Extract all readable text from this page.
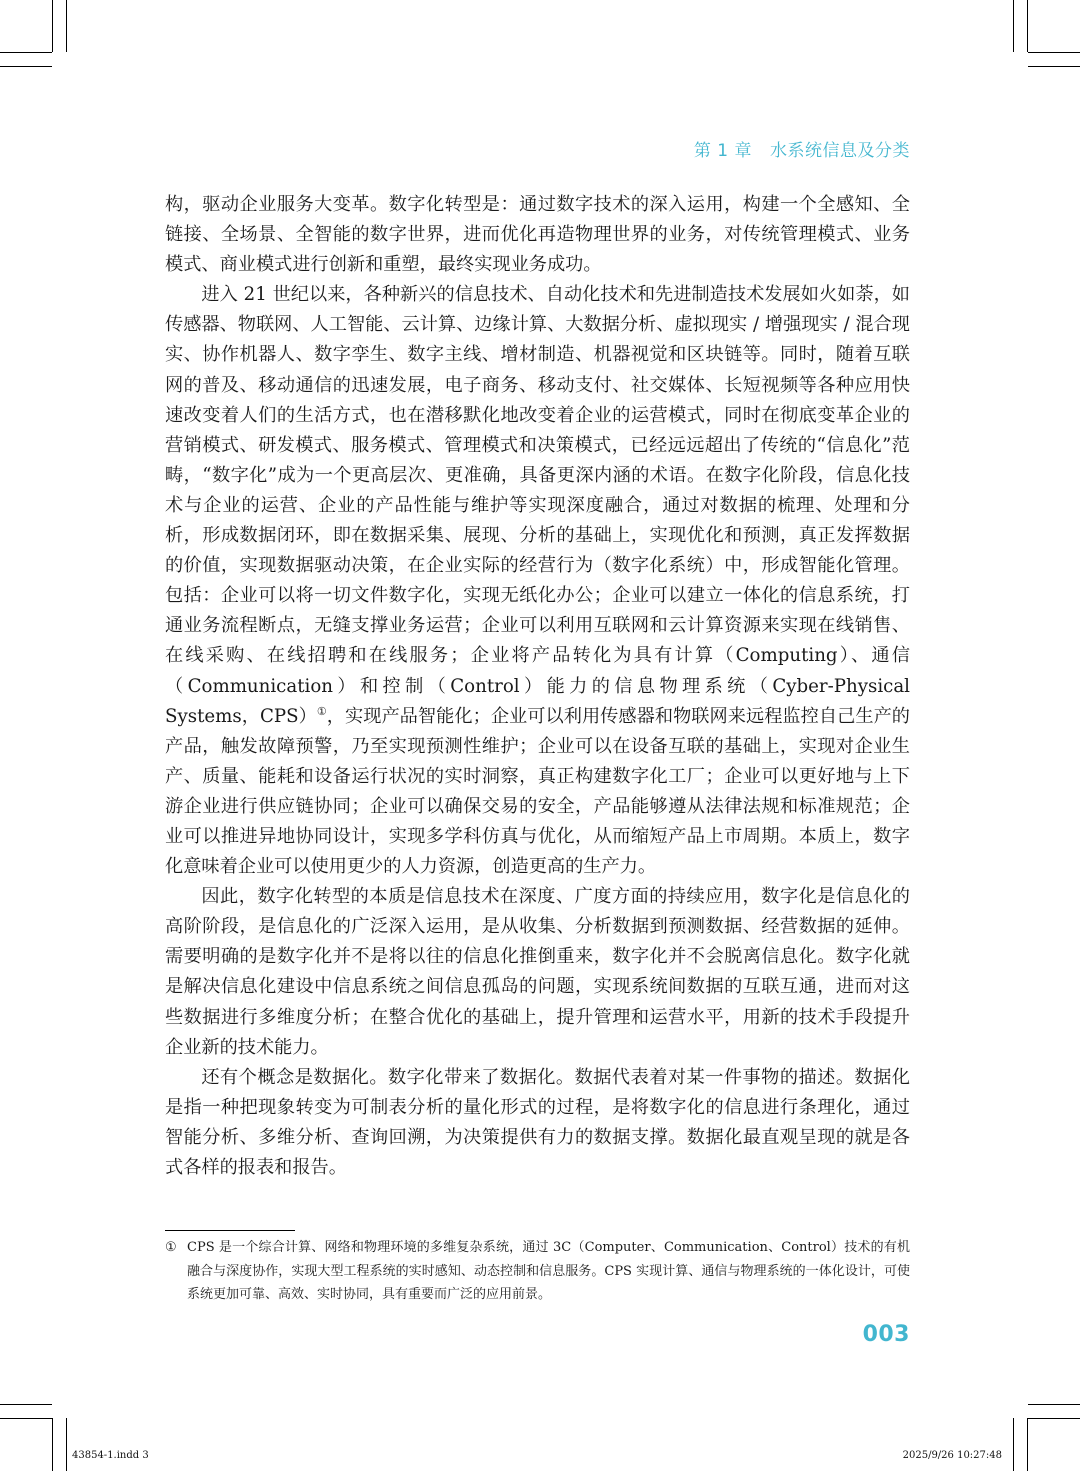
第 1 章 水系统信息及分类

构，驱动企业服务大变革。数字化转型是：通过数字技术的深入运用，构建一个全感知、全链接、全场景、全智能的数字世界，进而优化再造物理世界的业务，对传统管理模式、业务模式、商业模式进行创新和重塑，最终实现业务成功。

进入 21 世纪以来，各种新兴的信息技术、自动化技术和先进制造技术发展如火如荼，如传感器、物联网、人工智能、云计算、边缘计算、大数据分析、虚拟现实 / 增强现实 / 混合现实、协作机器人、数字孪生、数字主线、增材制造、机器视觉和区块链等。同时，随着互联网的普及、移动通信的迅速发展，电子商务、移动支付、社交媒体、长短视频等各种应用快速改变着人们的生活方式，也在潜移默化地改变着企业的运营模式，同时在彻底变革企业的营销模式、研发模式、服务模式、管理模式和决策模式，已经远远超出了传统的“信息化”范畴，“数字化”成为一个更高层次、更准确，具备更深内涵的术语。在数字化阶段，信息化技术与企业的运营、企业的产品性能与维护等实现深度融合，通过对数据的梳理、处理和分析，形成数据闭环，即在数据采集、展现、分析的基础上，实现优化和预测，真正发挥数据的价值，实现数据驱动决策，在企业实际的经营行为（数字化系统）中，形成智能化管理。包括：企业可以将一切文件数字化，实现无纸化办公；企业可以建立一体化的信息系统，打通业务流程断点，无缝支撑业务运营；企业可以利用互联网和云计算资源来实现在线销售、在线采购、在线招聘和在线服务；企业将产品转化为具有计算（Computing）、通信（Communication）和控制（Control）能力的信息物理系统（Cyber-Physical Systems，CPS）①，实现产品智能化；企业可以利用传感器和物联网来远程监控自己生产的产品，触发故障预警，乃至实现预测性维护；企业可以在设备互联的基础上，实现对企业生产、质量、能耗和设备运行状况的实时洞察，真正构建数字化工厂；企业可以更好地与上下游企业进行供应链协同；企业可以确保交易的安全，产品能够遵从法律法规和标准规范；企业可以推进异地协同设计，实现多学科仿真与优化，从而缩短产品上市周期。本质上，数字化意味着企业可以使用更少的人力资源，创造更高的生产力。

因此，数字化转型的本质是信息技术在深度、广度方面的持续应用，数字化是信息化的高阶阶段，是信息化的广泛深入运用，是从收集、分析数据到预测数据、经营数据的延伸。需要明确的是数字化并不是将以往的信息化推倒重来，数字化并不会脱离信息化。数字化就是解决信息化建设中信息系统之间信息孤岛的问题，实现系统间数据的互联互通，进而对这些数据进行多维度分析；在整合优化的基础上，提升管理和运营水平，用新的技术手段提升企业新的技术能力。

还有个概念是数据化。数字化带来了数据化。数据代表着对某一件事物的描述。数据化是指一种把现象转变为可制表分析的量化形式的过程，是将数字化的信息进行条理化，通过智能分析、多维分析、查询回溯，为决策提供有力的数据支撑。数据化最直观呈现的就是各式各样的报表和报告。

① CPS 是一个综合计算、网络和物理环境的多维复杂系统，通过 3C（Computer、Communication、Control）技术的有机融合与深度协作，实现大型工程系统的实时感知、动态控制和信息服务。CPS 实现计算、通信与物理系统的一体化设计，可使系统更加可靠、高效、实时协同，具有重要而广泛的应用前景。
003
43854-1.indd 3	2025/9/26 10:27:48
